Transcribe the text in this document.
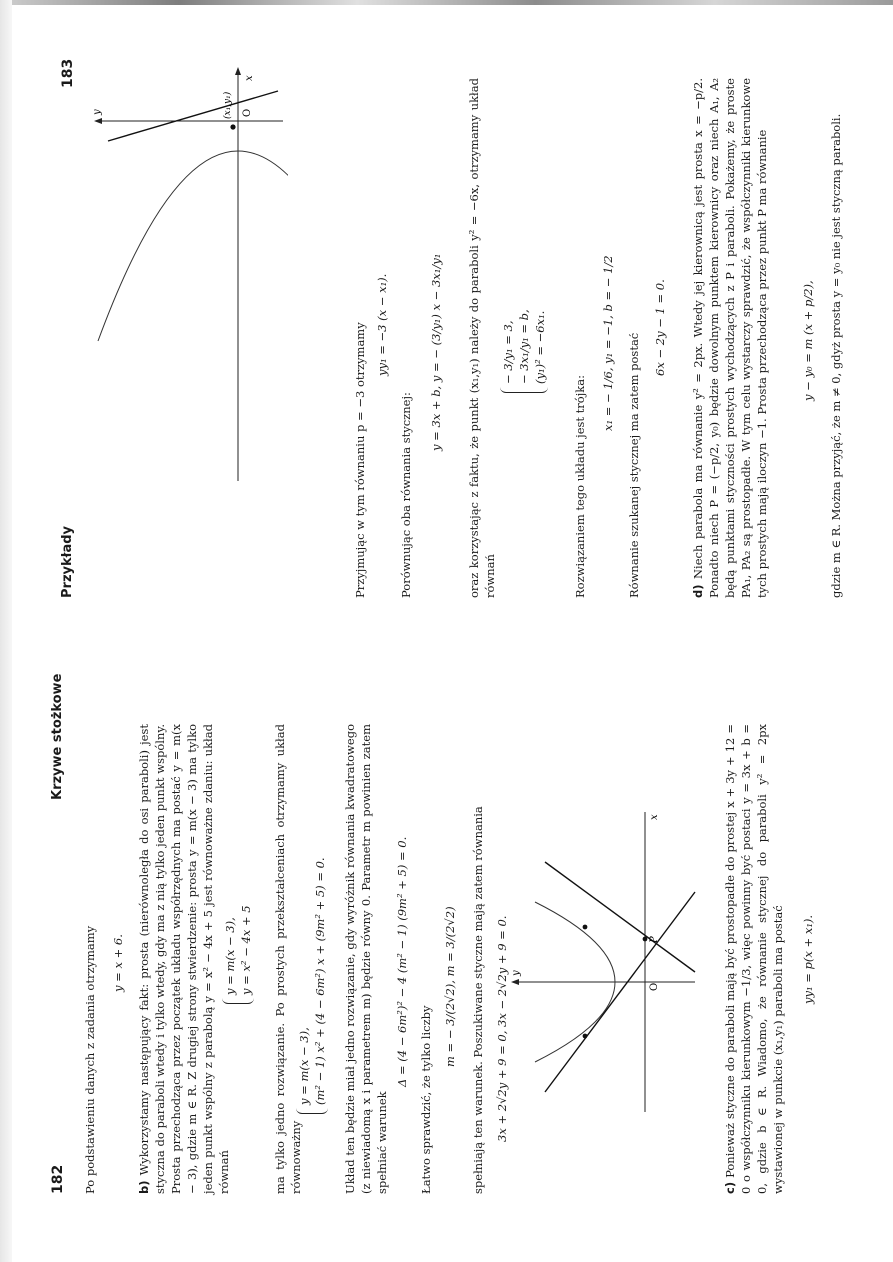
182
Krzywe stożkowe
Po podstawieniu danych z zadania otrzymamy y = x + 6.
b) Wykorzystamy następujący fakt: prosta (nierównoległa do osi paraboli) jest styczna do paraboli wtedy i tylko wtedy, gdy ma z nią tylko jeden punkt wspólny. Prosta przechodząca przez początek układu współrzędnych ma postać y = m(x − 3), gdzie m ∈ R. Z drugiej strony stwierdzenie: prosta y = m(x − 3) ma tylko jeden punkt wspólny z parabolą y = x² − 4x + 5 jest równoważne zdaniu: układ równań
y = m(x − 3), y = x² − 4x + 5 ma tylko jedno rozwiązanie. Po prostych przekształceniach otrzymamy układ równoważny
y = m(x − 3), (m² − 1) x² + (4 − 6m²) x + (9m² + 5) = 0. Układ ten będzie miał jedno rozwiązanie, gdy wyróżnik równania kwadratowego (z niewiadomą x i parametrem m) będzie równy 0. Parametr m powinien zatem spełniać warunek
Δ = (4 − 6m²)² − 4 (m² − 1) (9m² + 5) = 0.
Łatwo sprawdzić, że tylko liczby
m = − 3/(2√2), m = 3/(2√2) spełniają ten warunek. Poszukiwane styczne mają zatem równania 3x + 2√2y + 9 = 0, 3x − 2√2y + 9 = 0. y
x
O
P
c) Ponieważ styczne do paraboli mają być prostopadłe do prostej x + 3y + 12 = 0 o współczynniku kierunkowym −1/3, więc powinny być postaci y = 3x + b = 0, gdzie b ∈ R. Wiadomo, że równanie stycznej do paraboli y² = 2px wystawionej w punkcie (x₁,y₁) paraboli ma postać yy₁ = p(x + x₁).
Przykłady
183
y
x
O
(x₁,y₁)
Przyjmując w tym równaniu p = −3 otrzymamy yy₁ = −3 (x − x₁).
Porównując oba równania stycznej:
y = 3x + b, y = − (3/y₁) x − 3x₁/y₁ oraz korzystając z faktu, że punkt (x₁,y₁) należy do paraboli y² = −6x, otrzymamy układ równań
− 3/y₁ = 3, − 3x₁/y₁ = b, (y₁)² = −6x₁.
Rozwiązaniem tego układu jest trójka:
x₁ = − 1/6, y₁ = −1, b = − 1/2 Równanie szukanej stycznej ma zatem postać
6x − 2y − 1 = 0.
d) Niech parabola ma równanie y² = 2px. Wtedy jej kierownicą jest prosta x = −p/2. Ponadto niech P = (−p/2, y₀) będzie dowolnym punktem kierownicy oraz niech A₁, A₂ będą punktami styczności prostych wychodzących z P i paraboli. Pokażemy, że proste PA₁, PA₂ są prostopadłe. W tym celu wystarczy sprawdzić, że współczynniki kierunkowe tych prostych mają iloczyn −1. Prosta przechodząca przez punkt P ma równanie	y − y₀ = m (x + p/2), gdzie m ∈ R. Można przyjąć, że m ≠ 0, gdyż prosta y = y₀ nie jest styczną paraboli.
